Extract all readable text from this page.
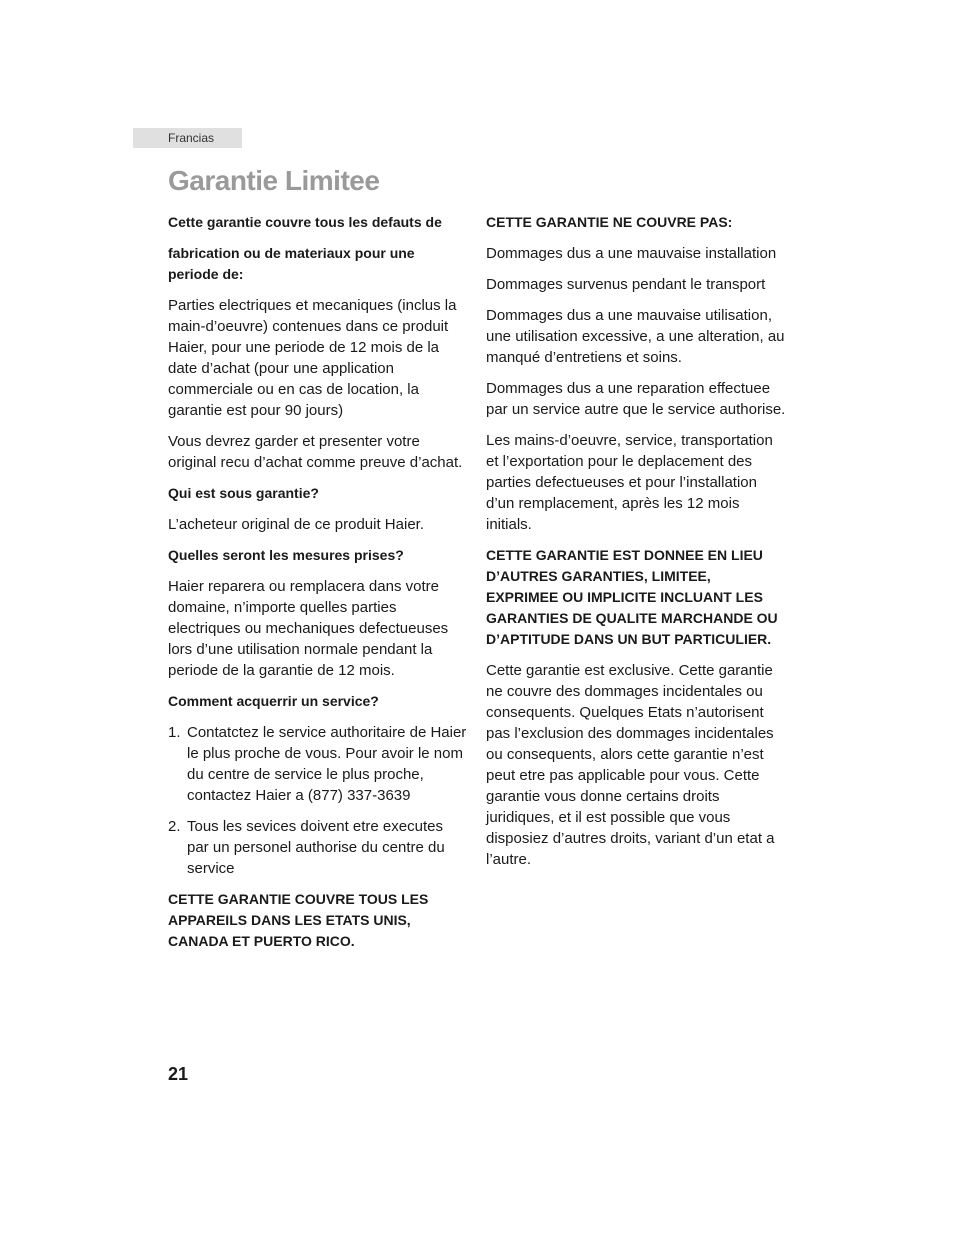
Francias
Garantie Limitee

Cette garantie couvre tous les defauts de

fabrication ou de materiaux pour une periode de:

Parties electriques et mecaniques (inclus la main-d’oeuvre) contenues dans ce produit Haier, pour une periode de 12 mois de la date d’achat (pour une application commerciale ou en cas de location, la garantie est pour 90 jours)

Vous devrez garder et presenter votre original recu d’achat comme preuve d’achat.

Qui est sous garantie?

L’acheteur original de ce produit Haier.

Quelles seront les mesures prises?

Haier reparera ou remplacera dans votre domaine, n’importe quelles parties electriques ou mechaniques defectueuses lors d’une utilisation normale pendant la periode de la garantie de 12 mois.

Comment acquerrir un service?

1. Contatctez le service authoritaire de Haier le plus proche de vous. Pour avoir le nom du centre de service le plus proche, contactez Haier a (877) 337-3639
2. Tous les sevices doivent etre executes par un personel authorise du centre du service

CETTE GARANTIE COUVRE TOUS LES APPAREILS DANS LES ETATS UNIS, CANADA ET PUERTO RICO.

CETTE GARANTIE NE COUVRE PAS:

Dommages dus a une mauvaise installation

Dommages survenus pendant le transport

Dommages dus a une mauvaise utilisation, une utilisation excessive, a une alteration, au manqué d’entretiens et soins.

Dommages dus a une reparation effectuee par un service autre que le service authorise.

Les mains-d’oeuvre, service, transportation et l’exportation pour le deplacement des parties defectueuses et pour l’installation d’un remplacement, après les 12 mois initials.

CETTE GARANTIE EST DONNEE EN LIEU D’AUTRES GARANTIES, LIMITEE, EXPRIMEE OU IMPLICITE INCLUANT LES GARANTIES DE QUALITE MARCHANDE OU D’APTITUDE DANS UN BUT PARTICULIER.

Cette garantie est exclusive. Cette garantie ne couvre des dommages incidentales ou consequents. Quelques Etats n’autorisent pas l’exclusion des dommages incidentales ou consequents, alors cette garantie n’est peut etre pas applicable pour vous. Cette garantie vous donne certains droits juridiques, et il est possible que vous disposiez d’autres droits, variant d’un etat a l’autre.

21
